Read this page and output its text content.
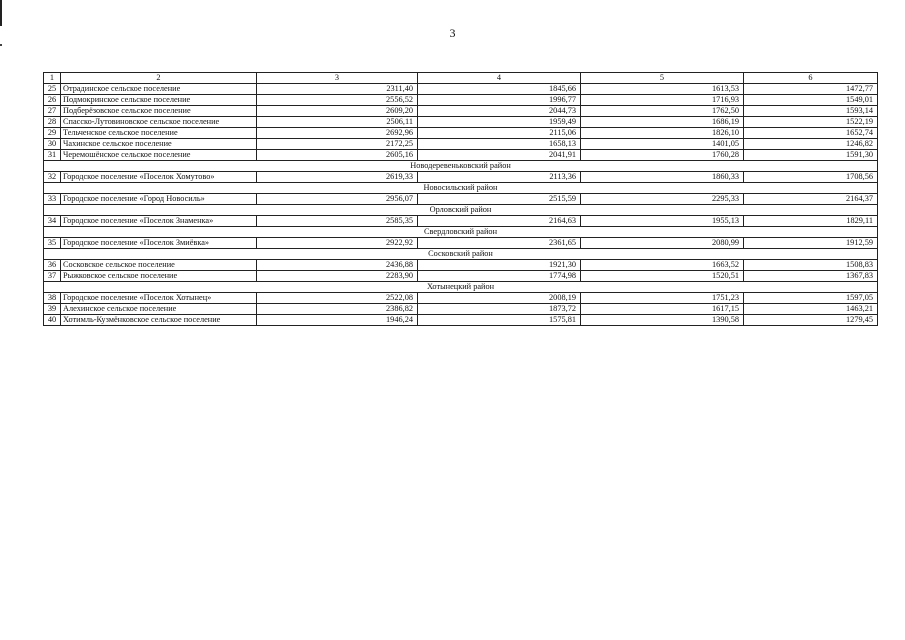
3
1	2	3	4	5	6
25	Отрадинское сельское поселение	2311,40	1845,66	1613,53	1472,77
26	Подмокринское сельское поселение	2556,52	1996,77	1716,93	1549,01
27	Подберёзовское сельское поселение	2609,20	2044,73	1762,50	1593,14
28	Спасско-Лутовиновское сельское поселение	2506,11	1959,49	1686,19	1522,19
29	Тельченское сельское поселение	2692,96	2115,06	1826,10	1652,74
30	Чахинское сельское поселение	2172,25	1658,13	1401,05	1246,82
31	Черемошёнское сельское поселение	2605,16	2041,91	1760,28	1591,30
Новодеревеньковский район					
32	Городское поселение «Поселок Хомутово»	2619,33	2113,36	1860,33	1708,56
Новосильский район					
33	Городское поселение «Город Новосиль»	2956,07	2515,59	2295,33	2164,37
Орловский район					
34	Городское поселение «Поселок Знаменка»	2585,35	2164,63	1955,13	1829,11
Свердловский район					
35	Городское поселение «Поселок Змиёвка»	2922,92	2361,65	2080,99	1912,59
Сосковский район					
36	Сосковское сельское поселение	2436,88	1921,30	1663,52	1508,83
37	Рыжковское сельское поселение	2283,90	1774,98	1520,51	1367,83
Хотынецкий район					
38	Городское поселение «Поселок Хотынец»	2522,08	2008,19	1751,23	1597,05
39	Алехинское сельское поселение	2386,82	1873,72	1617,15	1463,21
40	Хотимль-Кузмёнковское сельское поселение	1946,24	1575,81	1390,58	1279,45
